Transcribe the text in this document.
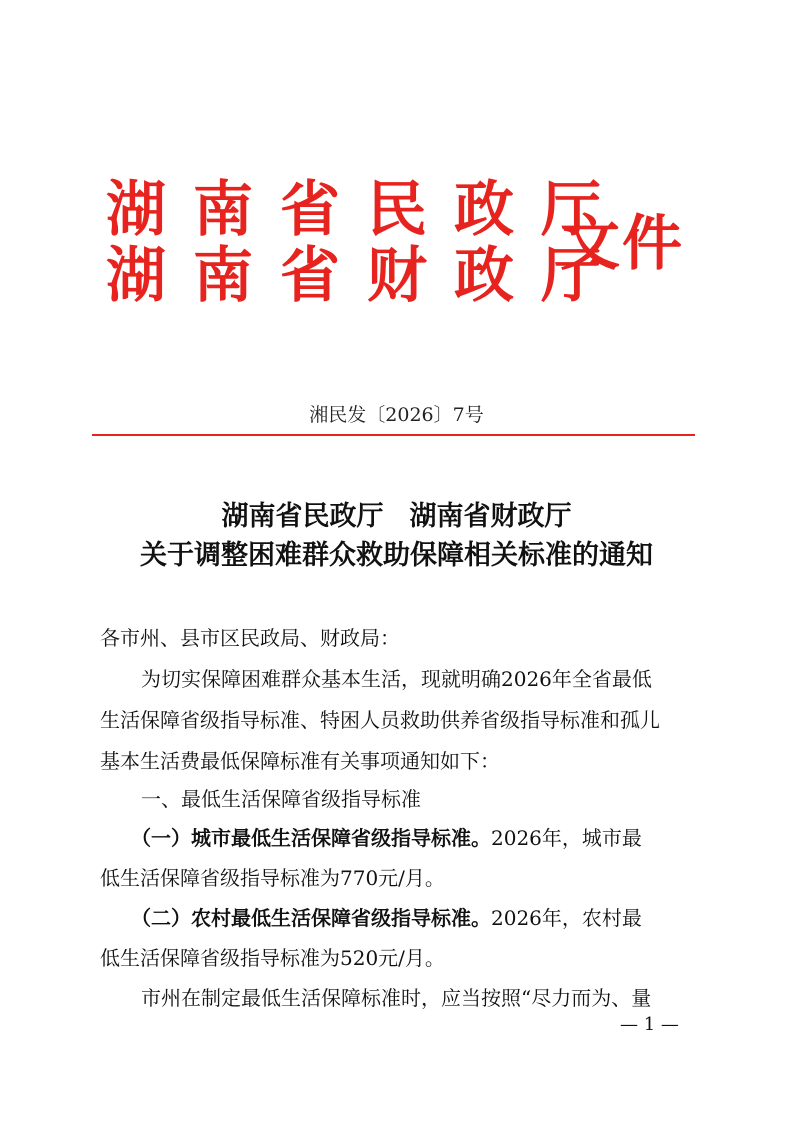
湖南省民政厅
湖南省财政厅
文件
湘民发〔2026〕7号
湖南省民政厅 湖南省财政厅
关于调整困难群众救助保障相关标准的通知
各市州、县市区民政局、财政局：
为切实保障困难群众基本生活，现就明确2026年全省最低
生活保障省级指导标准、特困人员救助供养省级指导标准和孤儿
基本生活费最低保障标准有关事项通知如下：
一、最低生活保障省级指导标准
（一）城市最低生活保障省级指导标准。2026年，城市最
低生活保障省级指导标准为770元/月。
（二）农村最低生活保障省级指导标准。2026年，农村最
低生活保障省级指导标准为520元/月。
市州在制定最低生活保障标准时，应当按照“尽力而为、量
— 1 —
